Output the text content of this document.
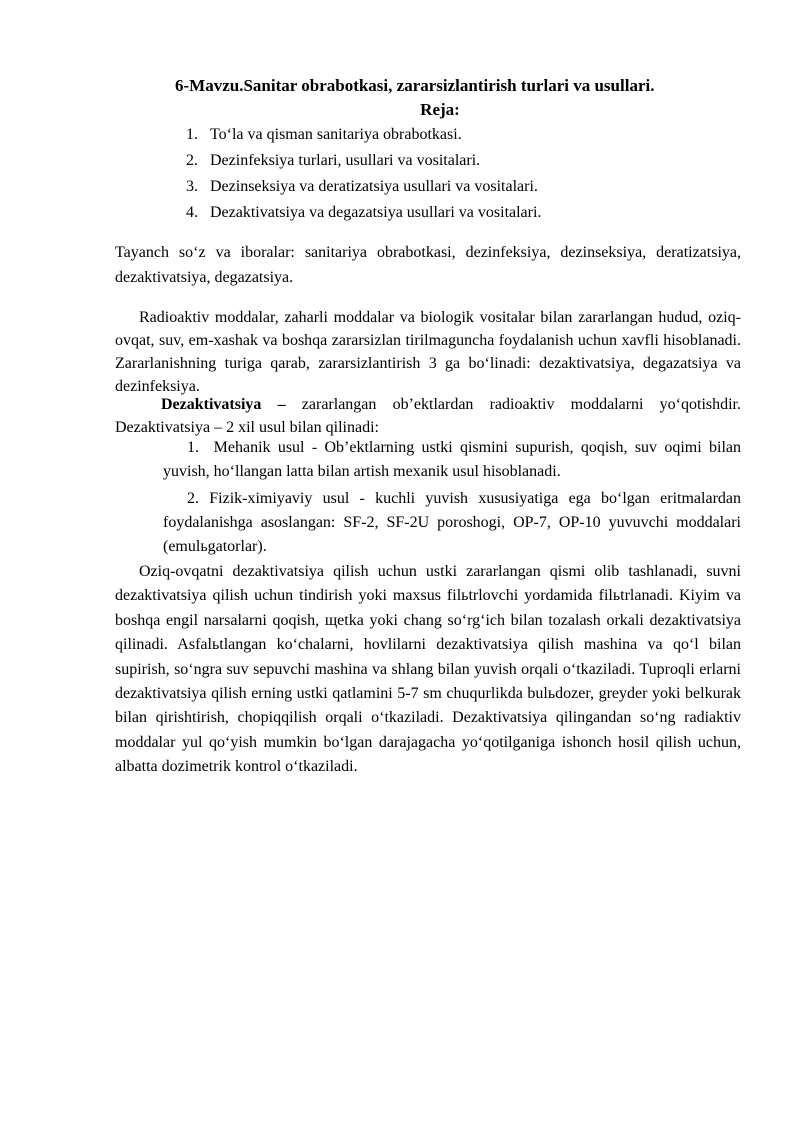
6-Mavzu.Sanitar obrabotkasi, zararsizlantirish turlari va usullari.
Reja:
1. To‘la va qisman sanitariya obrabotkasi.
2. Dezinfeksiya turlari, usullari va vositalari.
3. Dezinseksiya va deratizatsiya usullari va vositalari.
4. Dezaktivatsiya va degazatsiya usullari va vositalari.

Tayanch so‘z va iboralar: sanitariya obrabotkasi, dezinfeksiya, dezinseksiya, deratizatsiya, dezaktivatsiya, degazatsiya.

Radioaktiv moddalar, zaharli moddalar va biologik vositalar bilan zararlangan hudud, oziq-ovqat, suv, em-xashak va boshqa zararsizlan tirilmaguncha foydalanish uchun xavfli hisoblanadi. Zararlanishning turiga qarab, zararsizlantirish 3 ga bo‘linadi: dezaktivatsiya, degazatsiya va dezinfeksiya.

Dezaktivatsiya – zararlangan ob’ektlardan radioaktiv moddalarni yo‘qotishdir. Dezaktivatsiya – 2 xil usul bilan qilinadi:

1. Mehanik usul - Ob’ektlarning ustki qismini supurish, qoqish, suv oqimi bilan yuvish, ho‘llangan latta bilan artish mexanik usul hisoblanadi.

2. Fizik-ximiyaviy usul - kuchli yuvish xususiyatiga ega bo‘lgan eritmalardan foydalanishga asoslangan: SF-2, SF-2U poroshogi, OP-7, OP-10 yuvuvchi moddalari (emulьgatorlar).

Oziq-ovqatni dezaktivatsiya qilish uchun ustki zararlangan qismi olib tashlanadi, suvni dezaktivatsiya qilish uchun tindirish yoki maxsus filьtrlovchi yordamida filьtrlanadi. Kiyim va boshqa engil narsalarni qoqish, щetka yoki chang so‘rg‘ich bilan tozalash orkali dezaktivatsiya qilinadi. Asfalьtlangan ko‘chalarni, hovlilarni dezaktivatsiya qilish mashina va qo‘l bilan supirish, so‘ngra suv sepuvchi mashina va shlang bilan yuvish orqali o‘tkaziladi. Tuproqli erlarni dezaktivatsiya qilish erning ustki qatlamini 5-7 sm chuqurlikda bulьdozer, greyder yoki belkurak bilan qirishtirish, chopiqqilish orqali o‘tkaziladi. Dezaktivatsiya qilingandan so‘ng radiaktiv moddalar yul qo‘yish mumkin bo‘lgan darajagacha yo‘qotilganiga ishonch hosil qilish uchun, albatta dozimetrik kontrol o‘tkaziladi.
